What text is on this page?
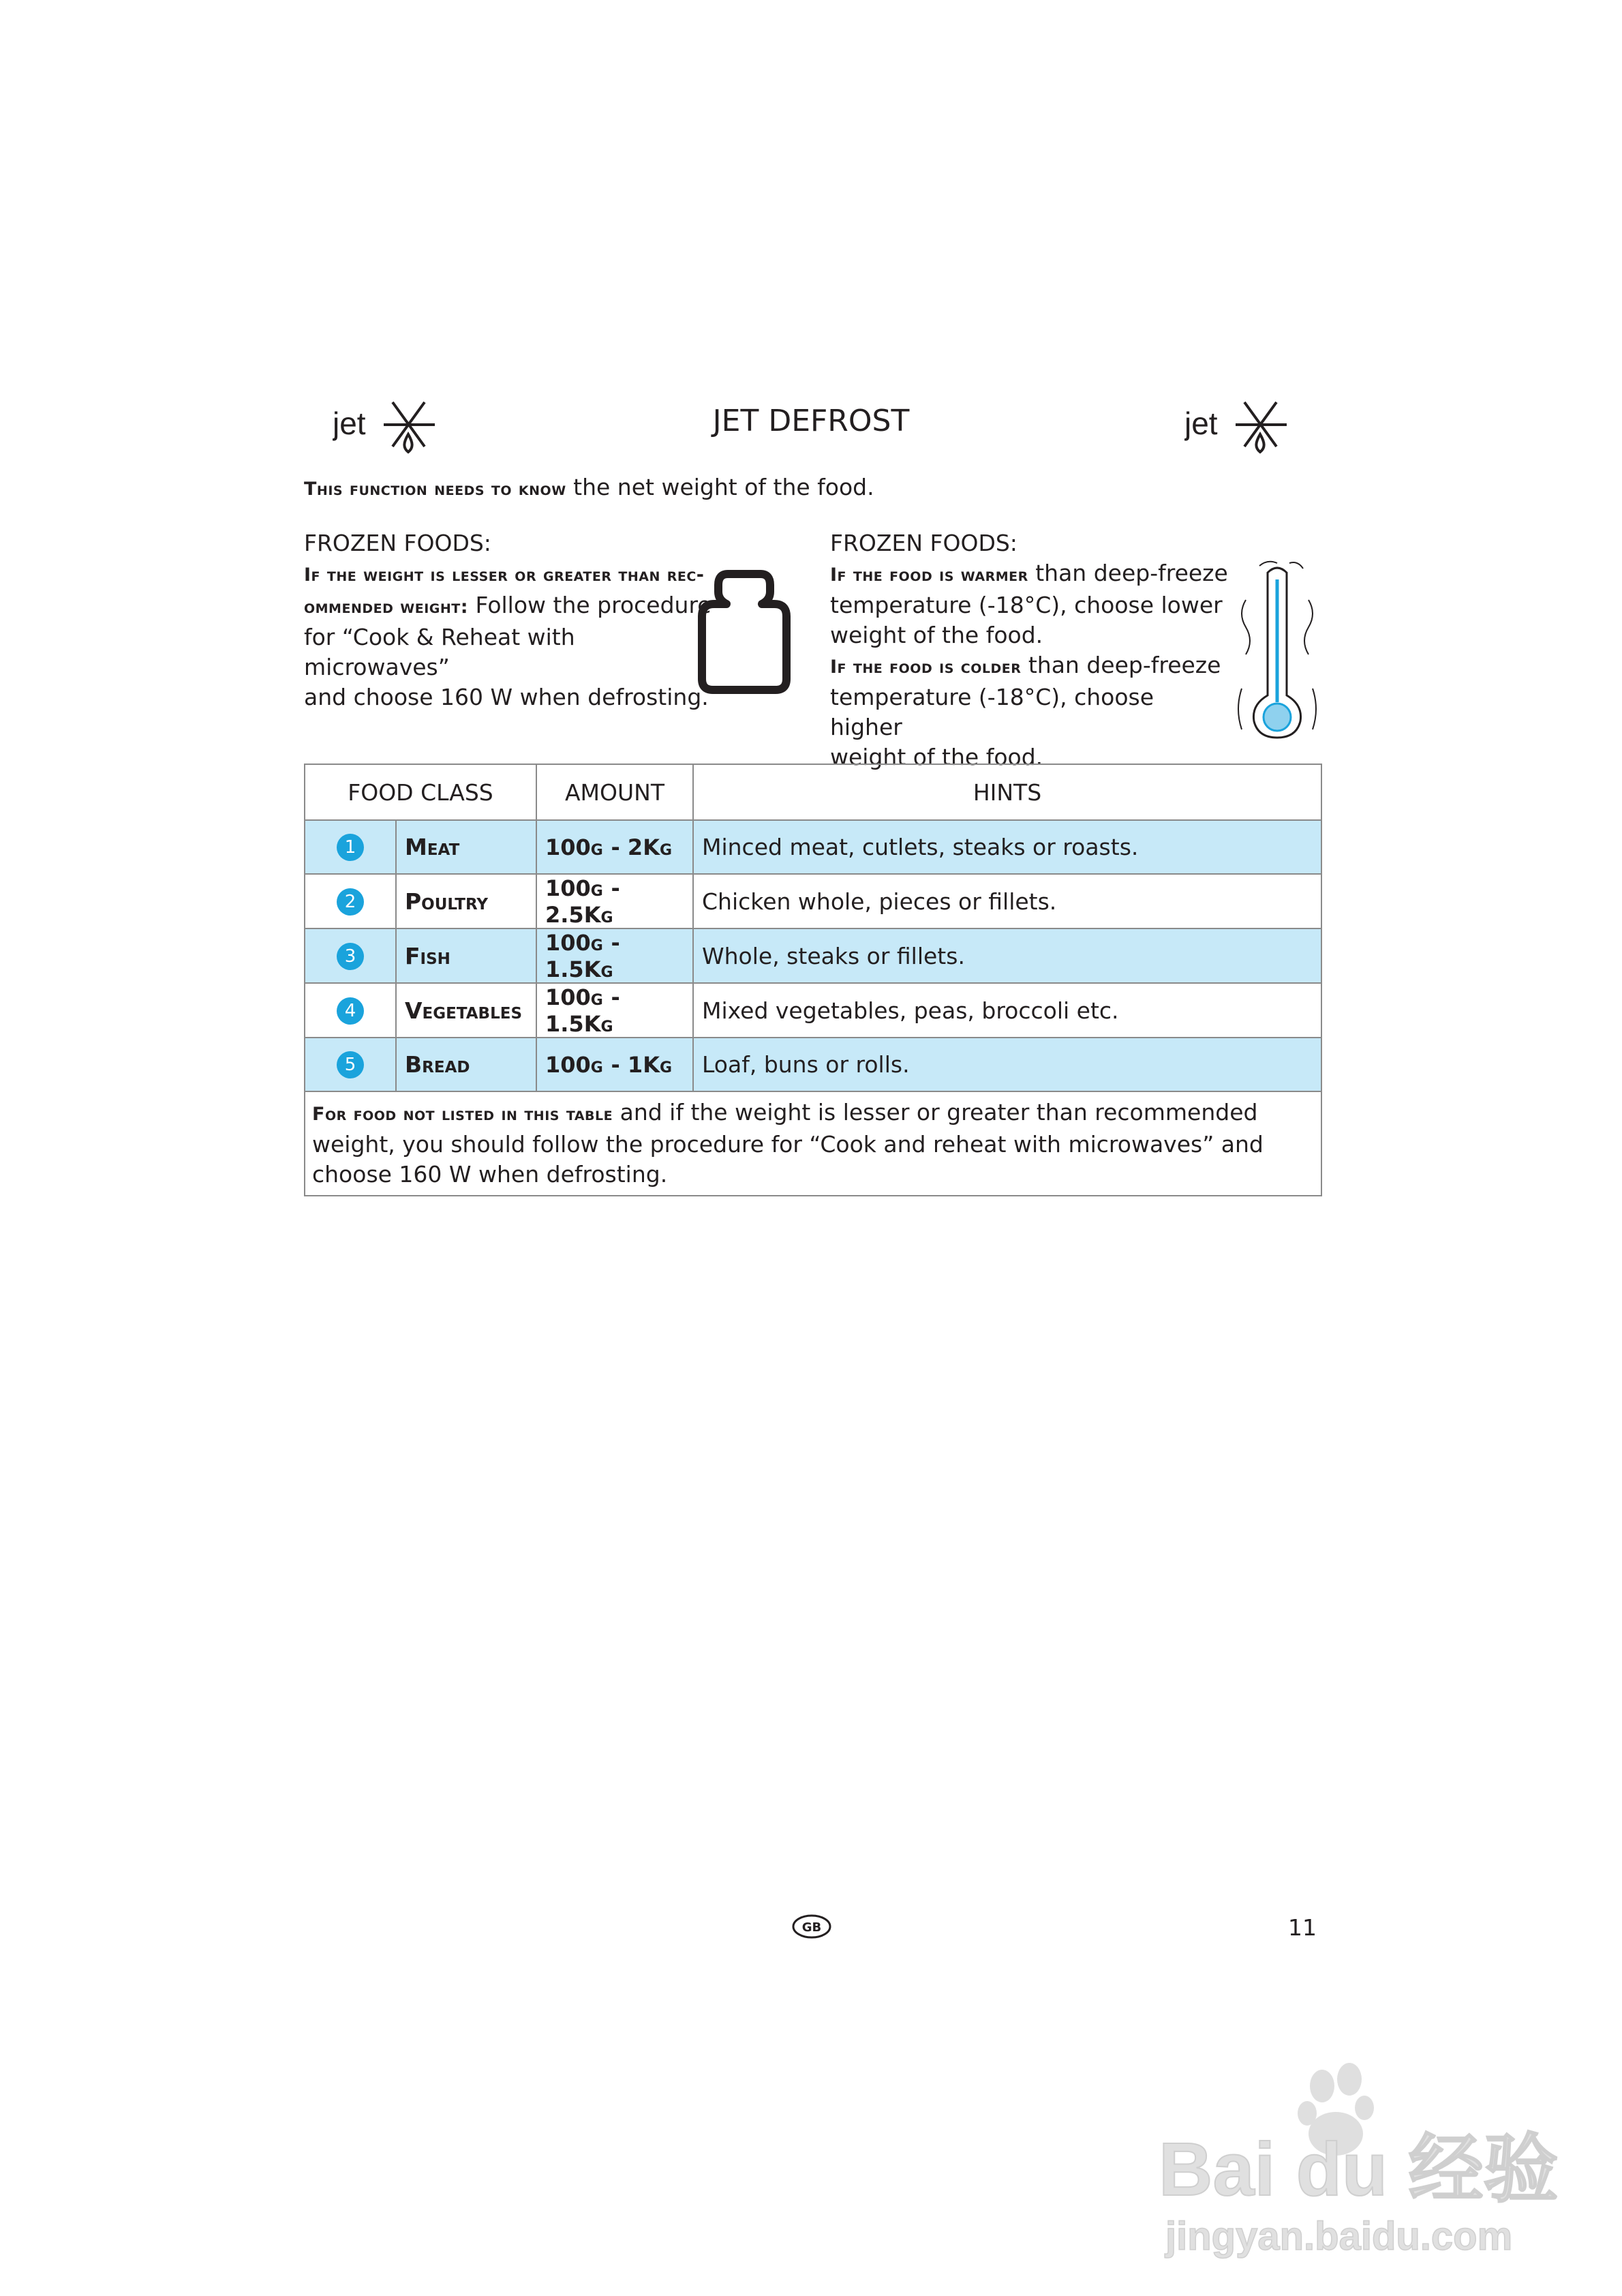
jet	JET DEFROST	jet
This function needs to know the net weight of the food.
FROZEN FOODS:
If the weight is lesser or greater than rec-
ommended weight: Follow the procedure
for “Cook & Reheat with microwaves”
and choose 160 W when defrosting.
FROZEN FOODS:
If the food is warmer than deep-freeze
temperature (-18°C), choose lower
weight of the food.
If the food is colder than deep-freeze
temperature (-18°C), choose higher
weight of the food.
FOOD CLASS		AMOUNT	HINTS
1	Meat	100g - 2Kg	Minced meat, cutlets, steaks or roasts.
2	Poultry	100g - 2.5Kg	Chicken whole, pieces or fillets.
3	Fish	100g - 1.5Kg	Whole, steaks or fillets.
4	Vegetables	100g - 1.5Kg	Mixed vegetables, peas, broccoli etc.
5	Bread	100g - 1Kg	Loaf, buns or rolls.
For food not listed in this table and if the weight is lesser or greater than recommended weight, you should follow the procedure for “Cook and reheat with microwaves” and choose 160 W when defrosting.			
GB	11
Bai du 经验
jingyan.baidu.com
